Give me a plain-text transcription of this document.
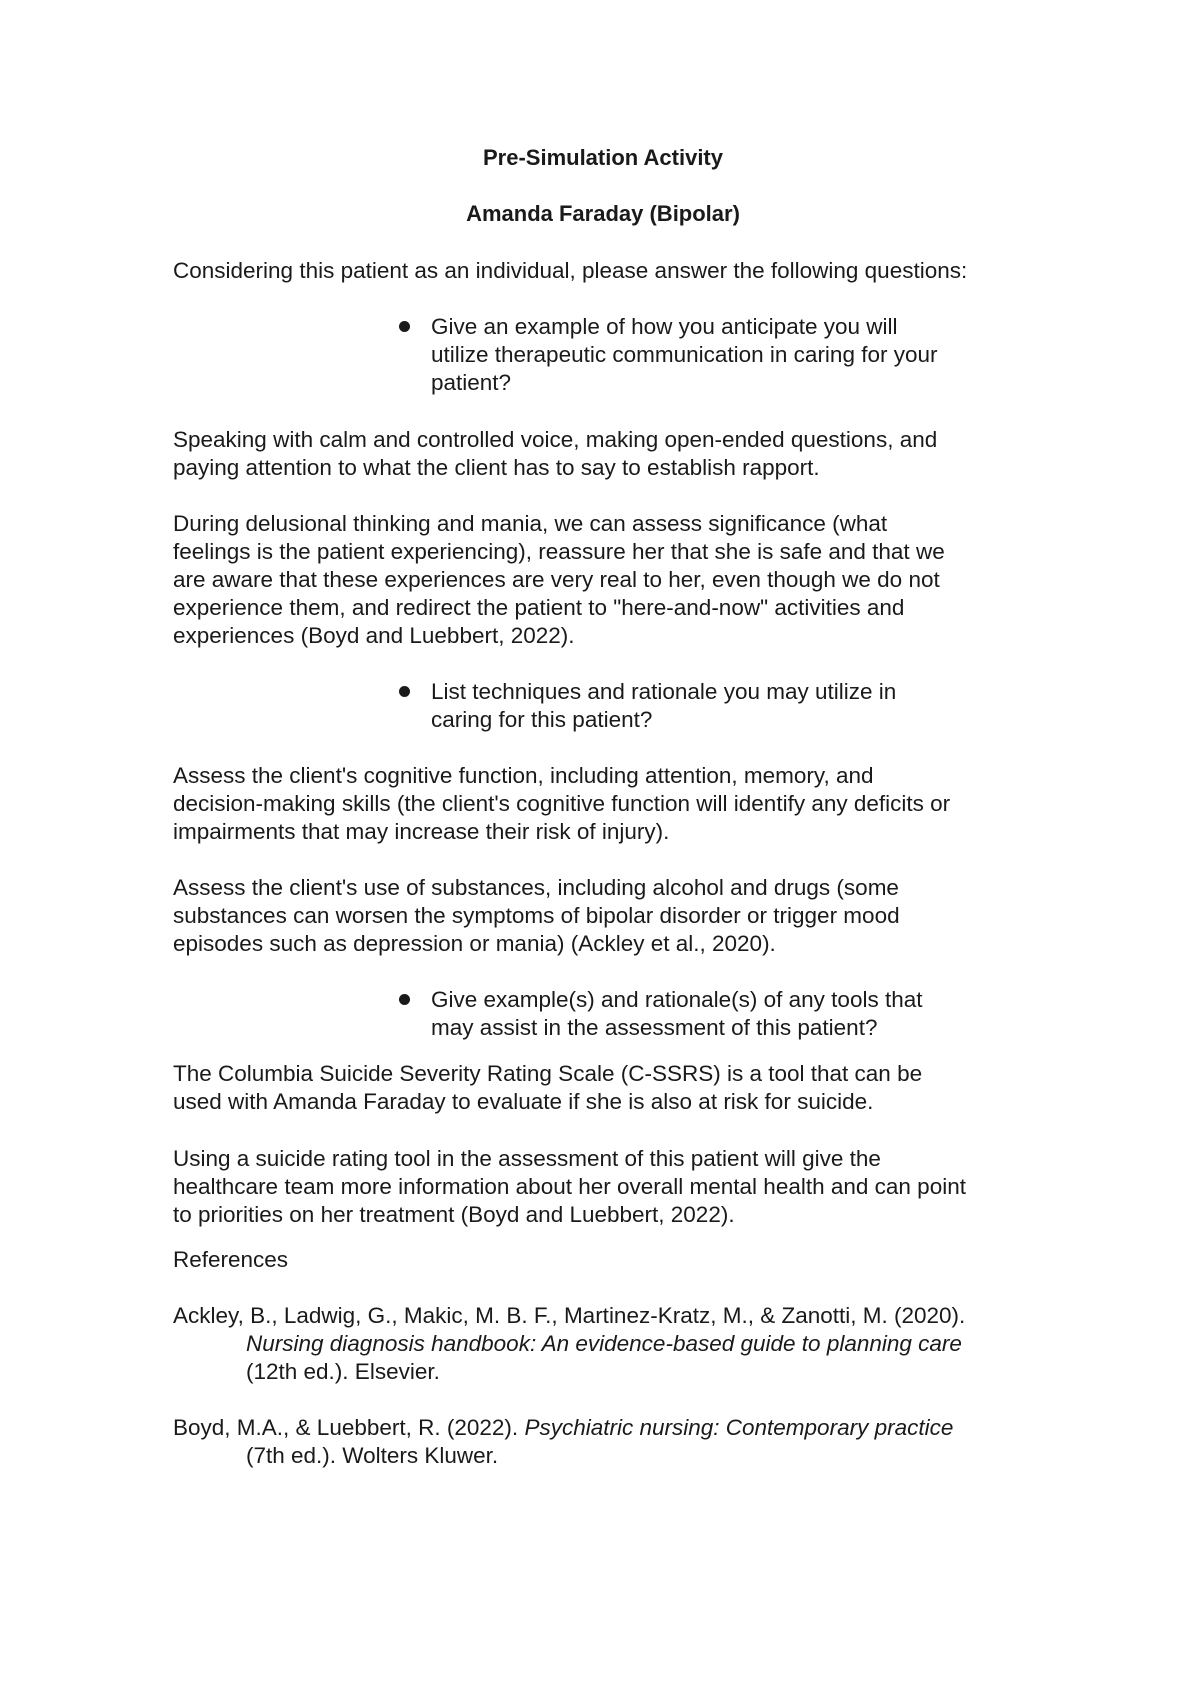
Pre-Simulation Activity

Amanda Faraday (Bipolar)

Considering this patient as an individual, please answer the following questions:

Give an example of how you anticipate you will
utilize therapeutic communication in caring for your
patient?
Speaking with calm and controlled voice, making open-ended questions, and
paying attention to what the client has to say to establish rapport.
During delusional thinking and mania, we can assess significance (what
feelings is the patient experiencing), reassure her that she is safe and that we
are aware that these experiences are very real to her, even though we do not
experience them, and redirect the patient to "here-and-now" activities and
experiences (Boyd and Luebbert, 2022).
List techniques and rationale you may utilize in
caring for this patient?
Assess the client's cognitive function, including attention, memory, and
decision-making skills (the client's cognitive function will identify any deficits or
impairments that may increase their risk of injury).
Assess the client's use of substances, including alcohol and drugs (some
substances can worsen the symptoms of bipolar disorder or trigger mood
episodes such as depression or mania) (Ackley et al., 2020).
Give example(s) and rationale(s) of any tools that
may assist in the assessment of this patient?
The Columbia Suicide Severity Rating Scale (C-SSRS) is a tool that can be
used with Amanda Faraday to evaluate if she is also at risk for suicide.
Using a suicide rating tool in the assessment of this patient will give the
healthcare team more information about her overall mental health and can point
to priorities on her treatment (Boyd and Luebbert, 2022).

References

Ackley, B., Ladwig, G., Makic, M. B. F., Martinez-Kratz, M., & Zanotti, M. (2020).
Nursing diagnosis handbook: An evidence-based guide to planning care
(12th ed.). Elsevier.
Boyd, M.A., & Luebbert, R. (2022). Psychiatric nursing: Contemporary practice
(7th ed.). Wolters Kluwer.
